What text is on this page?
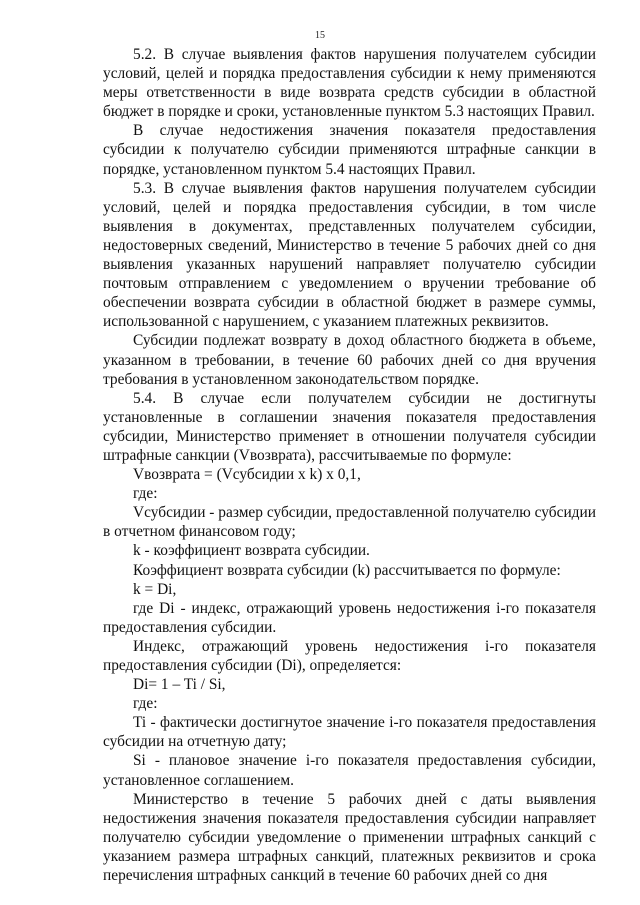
15

5.2. В случае выявления фактов нарушения получателем субсидии условий, целей и порядка предоставления субсидии к нему применяются меры ответственности в виде возврата средств субсидии в областной бюджет в порядке и сроки, установленные пунктом 5.3 настоящих Правил.

В случае недостижения значения показателя предоставления субсидии к получателю субсидии применяются штрафные санкции в порядке, установленном пунктом 5.4 настоящих Правил.

5.3. В случае выявления фактов нарушения получателем субсидии условий, целей и порядка предоставления субсидии, в том числе выявления в документах, представленных получателем субсидии, недостоверных сведений, Министерство в течение 5 рабочих дней со дня выявления указанных нарушений направляет получателю субсидии почтовым отправлением с уведомлением о вручении требование об обеспечении возврата субсидии в областной бюджет в размере суммы, использованной с нарушением, с указанием платежных реквизитов.

Субсидии подлежат возврату в доход областного бюджета в объеме, указанном в требовании, в течение 60 рабочих дней со дня вручения требования в установленном законодательством порядке.

5.4. В случае если получателем субсидии не достигнуты установленные в соглашении значения показателя предоставления субсидии, Министерство применяет в отношении получателя субсидии штрафные санкции (Vвозврата), рассчитываемые по формуле:

Vвозврата = (Vсубсидии x k) x 0,1,

где:

Vсубсидии - размер субсидии, предоставленной получателю субсидии в отчетном финансовом году;

k - коэффициент возврата субсидии.

Коэффициент возврата субсидии (k) рассчитывается по формуле:

k = Di,

где Di - индекс, отражающий уровень недостижения i-го показателя предоставления субсидии.

Индекс, отражающий уровень недостижения i-го показателя предоставления субсидии (Di), определяется:

Di= 1 – Ti / Si,

где:

Ti - фактически достигнутое значение i-го показателя предоставления субсидии на отчетную дату;

Si - плановое значение i-го показателя предоставления субсидии, установленное соглашением.

Министерство в течение 5 рабочих дней с даты выявления недостижения значения показателя предоставления субсидии направляет получателю субсидии уведомление о применении штрафных санкций с указанием размера штрафных санкций, платежных реквизитов и срока перечисления штрафных санкций в течение 60 рабочих дней со дня
